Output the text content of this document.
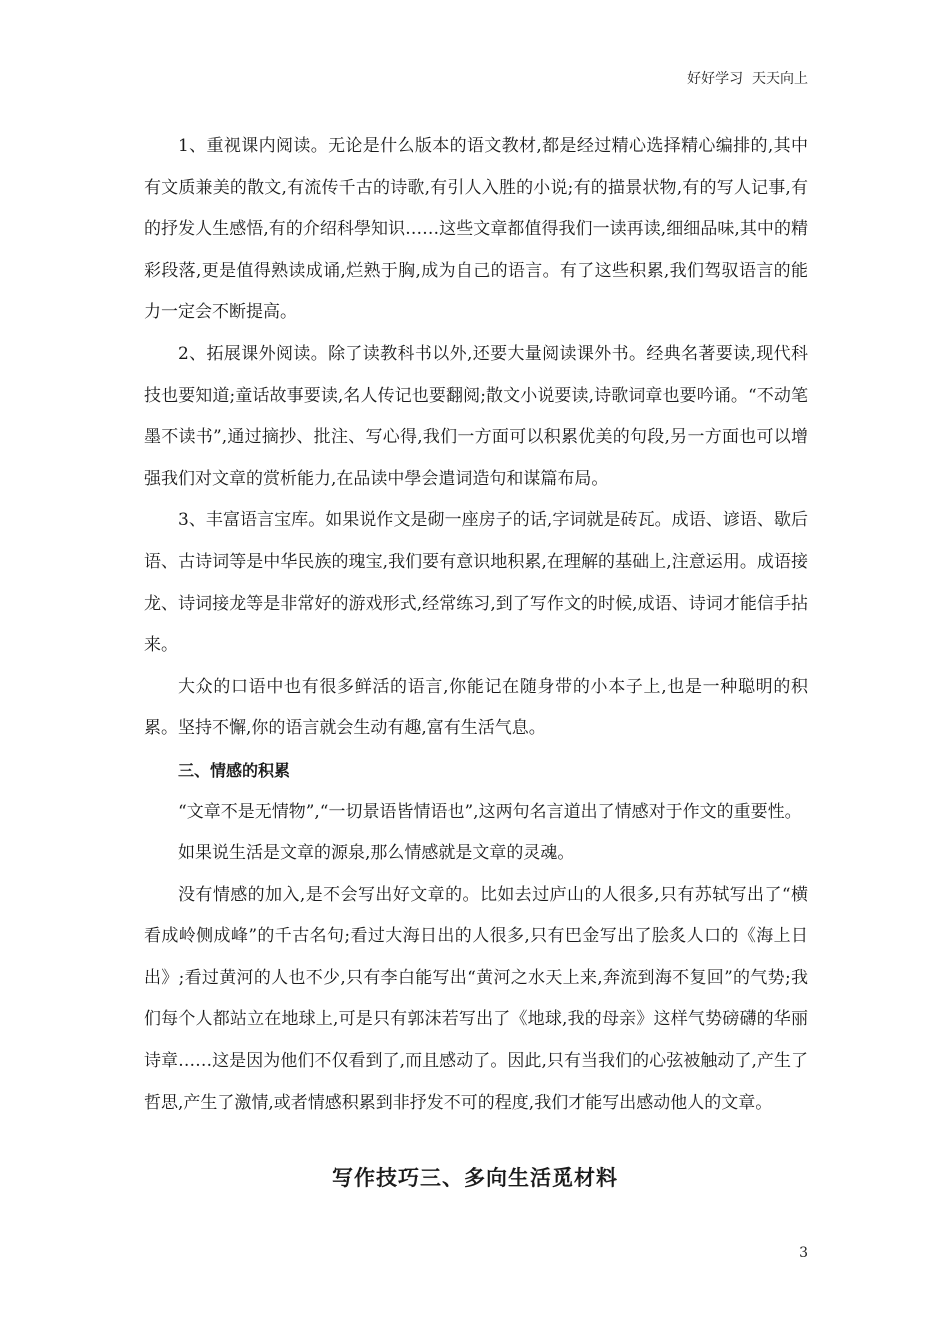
好好学习  天天向上

1、重视课内阅读。无论是什么版本的语文教材,都是经过精心选择精心编排的,其中有文质兼美的散文,有流传千古的诗歌,有引人入胜的小说;有的描景状物,有的写人记事,有的抒发人生感悟,有的介绍科學知识……这些文章都值得我们一读再读,细细品味,其中的精彩段落,更是值得熟读成诵,烂熟于胸,成为自己的语言。有了这些积累,我们驾驭语言的能力一定会不断提高。

2、拓展课外阅读。除了读教科书以外,还要大量阅读课外书。经典名著要读,现代科技也要知道;童话故事要读,名人传记也要翻阅;散文小说要读,诗歌词章也要吟诵。“不动笔墨不读书”,通过摘抄、批注、写心得,我们一方面可以积累优美的句段,另一方面也可以增强我们对文章的赏析能力,在品读中學会遣词造句和谋篇布局。

3、丰富语言宝库。如果说作文是砌一座房子的话,字词就是砖瓦。成语、谚语、歇后语、古诗词等是中华民族的瑰宝,我们要有意识地积累,在理解的基础上,注意运用。成语接龙、诗词接龙等是非常好的游戏形式,经常练习,到了写作文的时候,成语、诗词才能信手拈来。

大众的口语中也有很多鲜活的语言,你能记在随身带的小本子上,也是一种聪明的积累。坚持不懈,你的语言就会生动有趣,富有生活气息。

三、情感的积累

“文章不是无情物”,“一切景语皆情语也”,这两句名言道出了情感对于作文的重要性。

如果说生活是文章的源泉,那么情感就是文章的灵魂。

没有情感的加入,是不会写出好文章的。比如去过庐山的人很多,只有苏轼写出了“横看成岭侧成峰”的千古名句;看过大海日出的人很多,只有巴金写出了脍炙人口的《海上日出》;看过黄河的人也不少,只有李白能写出“黄河之水天上来,奔流到海不复回”的气势;我们每个人都站立在地球上,可是只有郭沫若写出了《地球,我的母亲》这样气势磅礴的华丽诗章……这是因为他们不仅看到了,而且感动了。因此,只有当我们的心弦被触动了,产生了哲思,产生了激情,或者情感积累到非抒发不可的程度,我们才能写出感动他人的文章。

写作技巧三、多向生活觅材料
3
